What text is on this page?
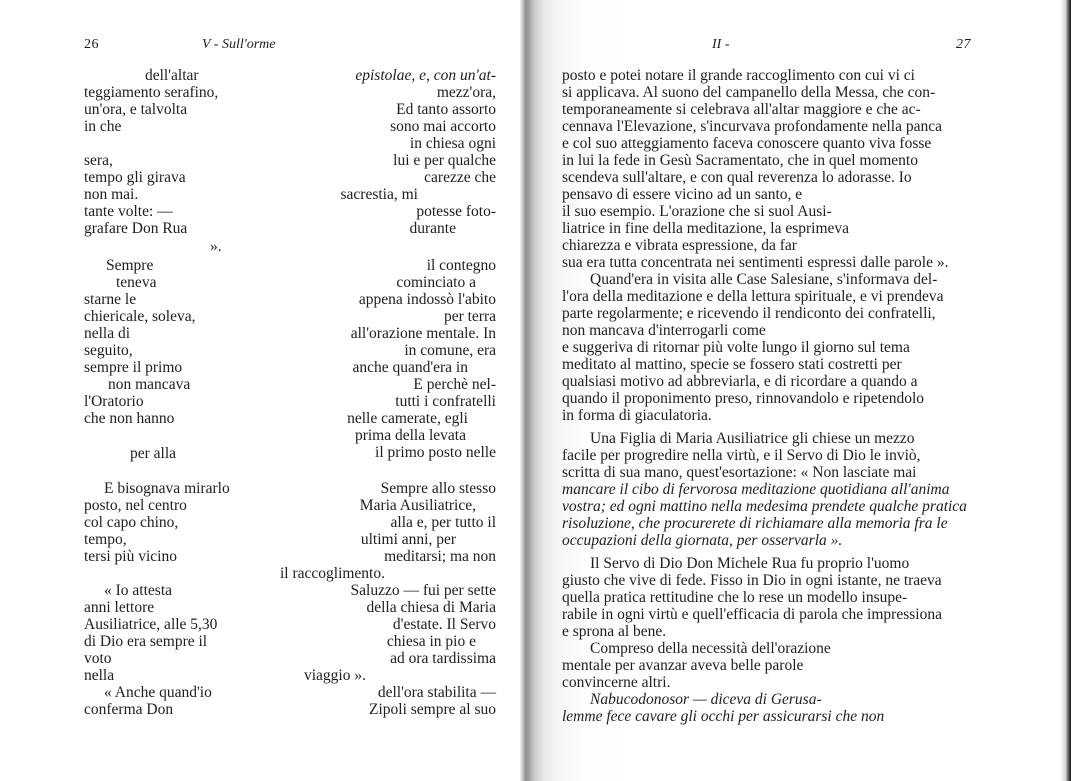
26	V - Sull'orme
dell'altar
teggiamento serafino,
un'ora, e talvolta
in che
sera,
tempo gli girava
non mai.
tante volte: —
grafare Don Rua
».
Sempre
teneva
starne le
chiericale, soleva,
nella di
seguito,
sempre il primo
non mancava
l'Oratorio
che non hanno
per alla
E bisognava mirarlo
posto, nel centro
col capo chino,
tempo,
tersi più vicino
« Io attesta
anni lettore
Ausiliatrice, alle 5,30
di Dio era sempre il
voto
nella
« Anche quand'io
conferma Don
epistolae, e, con un'at-
mezz'ora,
Ed tanto assorto
sono mai accorto
in chiesa ogni
lui e per qualche
carezze che
sacrestia, mi
potesse foto-
durante
il contegno
cominciato a
appena indossò l'abito
per terra
all'orazione mentale. In
in comune, era
anche quand'era in
E perchè nel-
tutti i confratelli
nelle camerate, egli
prima della levata
il primo posto nelle
Sempre allo stesso
Maria Ausiliatrice,
alla e, per tutto il
ultimi anni, per
meditarsi; ma non
il raccoglimento.
Saluzzo — fui per sette
della chiesa di Maria
d'estate. Il Servo
chiesa in pio e
ad ora tardissima
viaggio ».
dell'ora stabilita —
Zipoli sempre al suo
II -	27
posto e potei notare il grande raccoglimento con cui vi ci
si applicava. Al suono del campanello della Messa, che con-
temporaneamente si celebrava all'altar maggiore e che ac-
cennava l'Elevazione, s'incurvava profondamente nella panca
e col suo atteggiamento faceva conoscere quanto viva fosse
in lui la fede in Gesù Sacramentato, che in quel momento
scendeva sull'altare, e con qual reverenza lo adorasse. Io
pensavo di essere vicino ad un santo, e
il suo esempio. L'orazione che si suol Ausi-
liatrice in fine della meditazione, la esprimeva
chiarezza e vibrata espressione, da far
sua era tutta concentrata nei sentimenti espressi dalle parole ».
Quand'era in visita alle Case Salesiane, s'informava del-
l'ora della meditazione e della lettura spirituale, e vi prendeva
parte regolarmente; e ricevendo il rendiconto dei confratelli,
non mancava d'interrogarli come
e suggeriva di ritornar più volte lungo il giorno sul tema
meditato al mattino, specie se fossero stati costretti per
qualsiasi motivo ad abbreviarla, e di ricordare a quando a
quando il proponimento preso, rinnovandolo e ripetendolo
in forma di giaculatoria.
Una Figlia di Maria Ausiliatrice gli chiese un mezzo
facile per progredire nella virtù, e il Servo di Dio le inviò,
scritta di sua mano, quest'esortazione: « Non lasciate mai
mancare il cibo di fervorosa meditazione quotidiana all'anima
vostra; ed ogni mattino nella medesima prendete qualche pratica
risoluzione, che procurerete di richiamare alla memoria fra le
occupazioni della giornata, per osservarla ».
Il Servo di Dio Don Michele Rua fu proprio l'uomo
giusto che vive di fede. Fisso in Dio in ogni istante, ne traeva
quella pratica rettitudine che lo rese un modello insupe-
rabile in ogni virtù e quell'efficacia di parola che impressiona
e sprona al bene.
Compreso della necessità dell'orazione
mentale per avanzar aveva belle parole
convincerne altri.
Nabucodonosor — diceva di Gerusa-
lemme fece cavare gli occhi per assicurarsi che non
